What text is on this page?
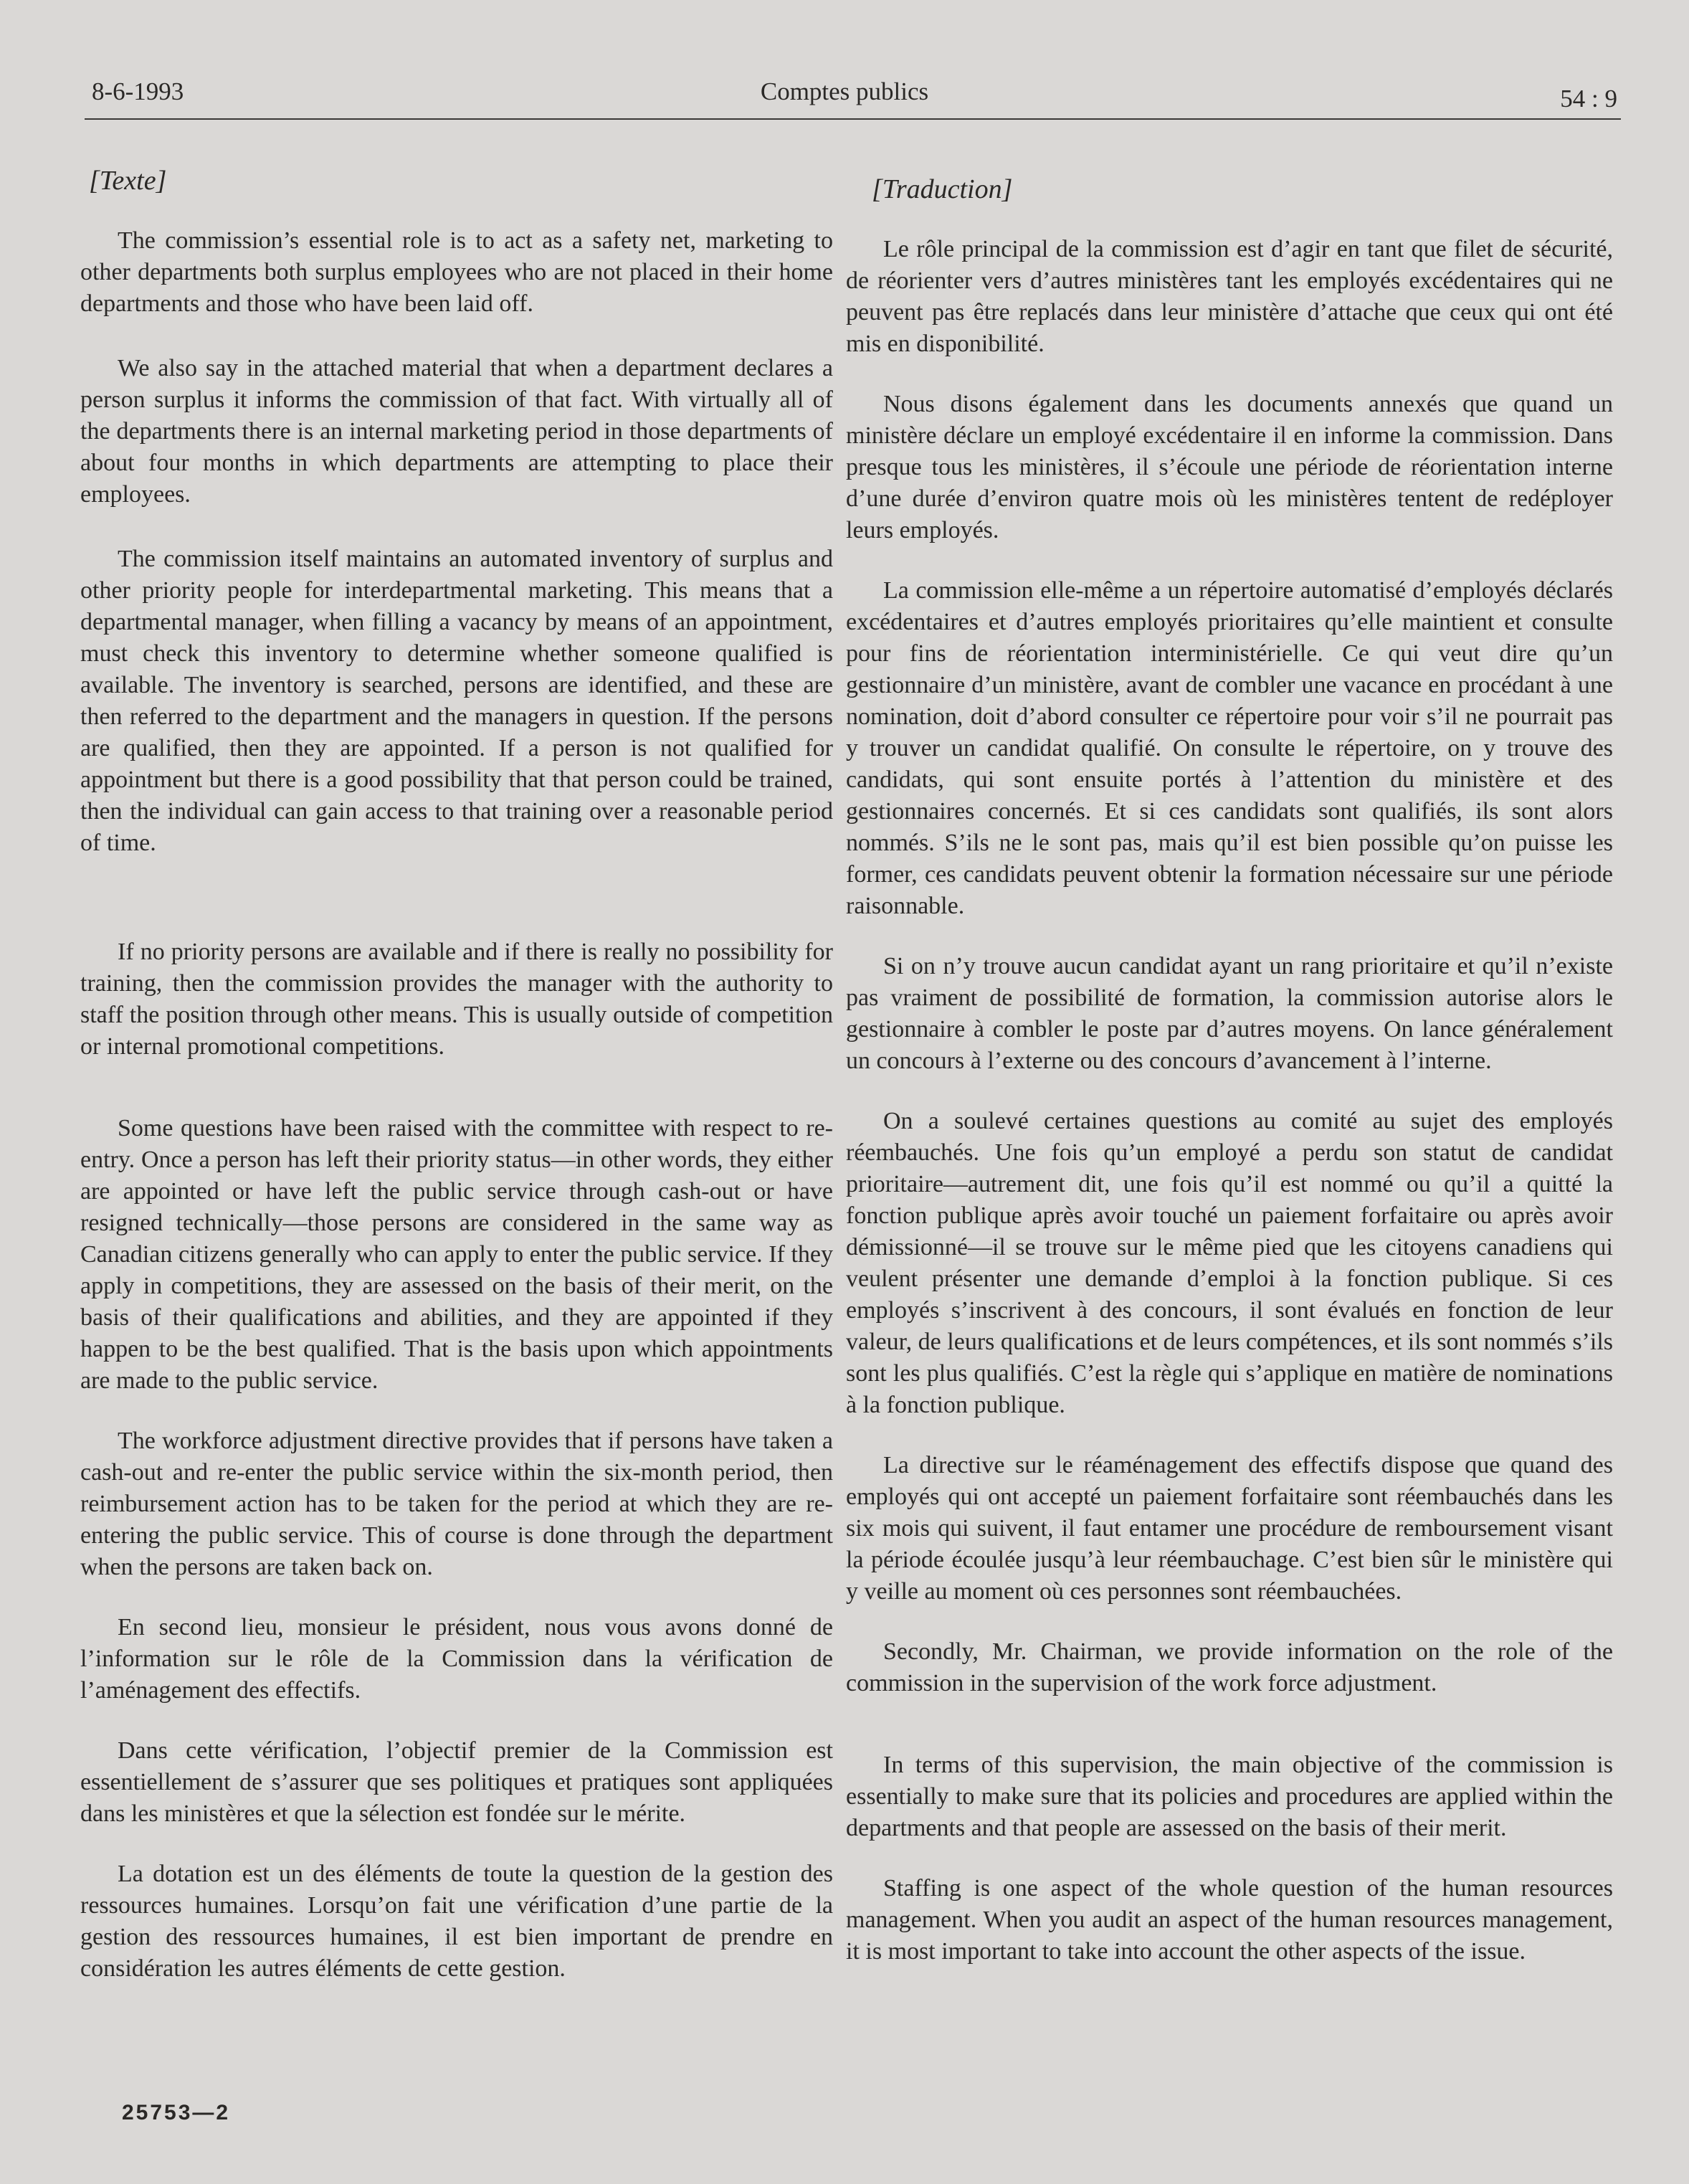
8-6-1993	Comptes publics	54 : 9
[Texte]

The commission’s essential role is to act as a safety net, marketing to other departments both surplus employees who are not placed in their home departments and those who have been laid off.

We also say in the attached material that when a department declares a person surplus it informs the commission of that fact. With virtually all of the departments there is an internal marketing period in those departments of about four months in which departments are attempting to place their employees.

The commission itself maintains an automated inventory of surplus and other priority people for interdepartmental marketing. This means that a departmental manager, when filling a vacancy by means of an appointment, must check this inventory to determine whether someone qualified is available. The inventory is searched, persons are identified, and these are then referred to the department and the managers in question. If the persons are qualified, then they are appointed. If a person is not qualified for appointment but there is a good possibility that that person could be trained, then the individual can gain access to that training over a reasonable period of time.

If no priority persons are available and if there is really no possibility for training, then the commission provides the manager with the authority to staff the position through other means. This is usually outside of competition or internal promotional competitions.

Some questions have been raised with the committee with respect to re-entry. Once a person has left their priority status—in other words, they either are appointed or have left the public service through cash-out or have resigned technically—those persons are considered in the same way as Canadian citizens generally who can apply to enter the public service. If they apply in competitions, they are assessed on the basis of their merit, on the basis of their qualifications and abilities, and they are appointed if they happen to be the best qualified. That is the basis upon which appointments are made to the public service.

The workforce adjustment directive provides that if persons have taken a cash-out and re-enter the public service within the six-month period, then reimbursement action has to be taken for the period at which they are re-entering the public service. This of course is done through the department when the persons are taken back on.

En second lieu, monsieur le président, nous vous avons donné de l’information sur le rôle de la Commission dans la vérification de l’aménagement des effectifs.

Dans cette vérification, l’objectif premier de la Commission est essentiellement de s’assurer que ses politiques et pratiques sont appliquées dans les ministères et que la sélection est fondée sur le mérite.

La dotation est un des éléments de toute la question de la gestion des ressources humaines. Lorsqu’on fait une vérification d’une partie de la gestion des ressources humaines, il est bien important de prendre en considération les autres éléments de cette gestion.

[Traduction]

Le rôle principal de la commission est d’agir en tant que filet de sécurité, de réorienter vers d’autres ministères tant les employés excédentaires qui ne peuvent pas être replacés dans leur ministère d’attache que ceux qui ont été mis en disponibilité.

Nous disons également dans les documents annexés que quand un ministère déclare un employé excédentaire il en informe la commission. Dans presque tous les ministères, il s’écoule une période de réorientation interne d’une durée d’environ quatre mois où les ministères tentent de redéployer leurs employés.

La commission elle-même a un répertoire automatisé d’employés déclarés excédentaires et d’autres employés prioritaires qu’elle maintient et consulte pour fins de réorientation interministérielle. Ce qui veut dire qu’un gestionnaire d’un ministère, avant de combler une vacance en procédant à une nomination, doit d’abord consulter ce répertoire pour voir s’il ne pourrait pas y trouver un candidat qualifié. On consulte le répertoire, on y trouve des candidats, qui sont ensuite portés à l’attention du ministère et des gestionnaires concernés. Et si ces candidats sont qualifiés, ils sont alors nommés. S’ils ne le sont pas, mais qu’il est bien possible qu’on puisse les former, ces candidats peuvent obtenir la formation nécessaire sur une période raisonnable.

Si on n’y trouve aucun candidat ayant un rang prioritaire et qu’il n’existe pas vraiment de possibilité de formation, la commission autorise alors le gestionnaire à combler le poste par d’autres moyens. On lance généralement un concours à l’externe ou des concours d’avancement à l’interne.

On a soulevé certaines questions au comité au sujet des employés réembauchés. Une fois qu’un employé a perdu son statut de candidat prioritaire—autrement dit, une fois qu’il est nommé ou qu’il a quitté la fonction publique après avoir touché un paiement forfaitaire ou après avoir démissionné—il se trouve sur le même pied que les citoyens canadiens qui veulent présenter une demande d’emploi à la fonction publique. Si ces employés s’inscrivent à des concours, il sont évalués en fonction de leur valeur, de leurs qualifications et de leurs compétences, et ils sont nommés s’ils sont les plus qualifiés. C’est la règle qui s’applique en matière de nominations à la fonction publique.

La directive sur le réaménagement des effectifs dispose que quand des employés qui ont accepté un paiement forfaitaire sont réembauchés dans les six mois qui suivent, il faut entamer une procédure de remboursement visant la période écoulée jusqu’à leur réembauchage. C’est bien sûr le ministère qui y veille au moment où ces personnes sont réembauchées.

Secondly, Mr. Chairman, we provide information on the role of the commission in the supervision of the work force adjustment.

In terms of this supervision, the main objective of the commission is essentially to make sure that its policies and procedures are applied within the departments and that people are assessed on the basis of their merit.

Staffing is one aspect of the whole question of the human resources management. When you audit an aspect of the human resources management, it is most important to take into account the other aspects of the issue.

25753—2
